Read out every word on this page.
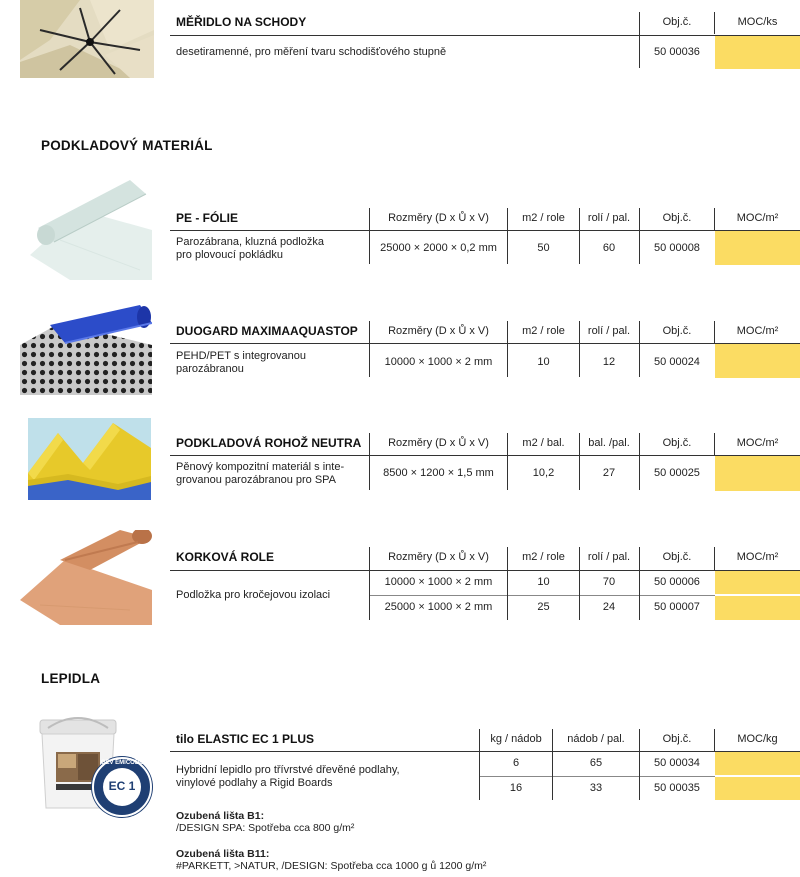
MĚŘIDLO NA SCHODY	Obj.č.	MOC/ks
desetiramenné, pro měření tvaru schodišťového stupně	50 00036
PODKLADOVÝ MATERIÁL
PE - FÓLIE	Rozměry (D x Ů x V)	m2 / role	rolí / pal.	Obj.č.	MOC/m²
Parozábrana, kluzná podložka
pro plovoucí pokládku
25000 × 2000 × 0,2 mm	50	60	50 00008
DUOGARD MAXIMAAQUASTOP	Rozměry (D x Ů x V)	m2 / role	rolí / pal.	Obj.č.	MOC/m²
PEHD/PET s integrovanou
parozábranou
10000 × 1000 × 2 mm	10	12	50 00024
PODKLADOVÁ ROHOŽ NEUTRA	Rozměry (D x Ů x V)	m2 / bal.	bal. /pal.	Obj.č.	MOC/m²
Pěnový kompozitní materiál s inte-
grovanou parozábranou pro SPA
8500 × 1200 × 1,5 mm	10,2	27	50 00025
KORKOVÁ ROLE	Rozměry (D x Ů x V)	m2 / role	rolí / pal.	Obj.č.	MOC/m²
Podložka pro kročejovou izolaci
10000 × 1000 × 2 mm	10	70	50 00006
25000 × 1000 × 2 mm	25	24	50 00007
LEPIDLA
EC 1
GEV EMICODE
tilo ELASTIC EC 1 PLUS	kg / nádob	nádob / pal.	Obj.č.	MOC/kg
Hybridní lepidlo pro třívrstvé dřevěné podlahy,
vinylové podlahy a Rigid Boards
6	65	50 00034
16	33	50 00035
Ozubená lišta B1:
/DESIGN SPA: Spotřeba cca 800 g/m²
Ozubená lišta B11:
#PARKETT, >NATUR, /DESIGN: Spotřeba cca 1000 g ů 1200 g/m²
